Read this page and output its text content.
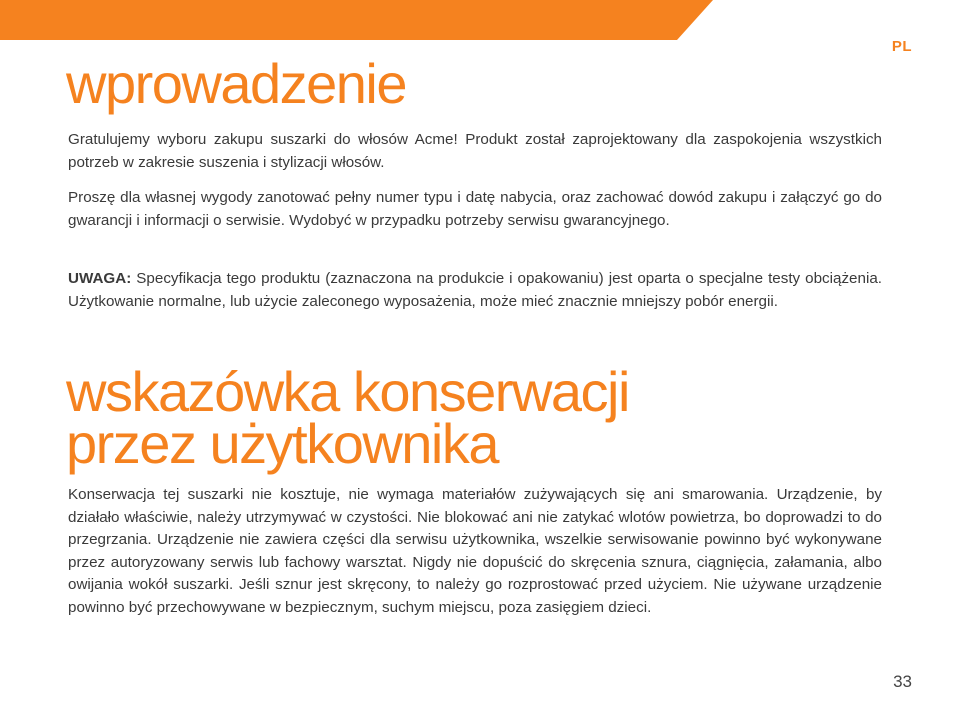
PL
wprowadzenie

Gratulujemy wyboru zakupu suszarki do włosów Acme! Produkt został zaprojektowany dla zaspokojenia wszystkich potrzeb w zakresie suszenia i stylizacji włosów.

Proszę dla własnej wygody zanotować pełny numer typu i datę nabycia, oraz zachować dowód zakupu i załączyć go do gwarancji i informacji o serwisie. Wydobyć w przypadku potrzeby serwisu gwarancyjnego.

UWAGA: Specyfikacja tego produktu (zaznaczona na produkcie i opakowaniu) jest oparta o specjalne testy obciążenia. Użytkowanie normalne, lub użycie zaleconego wyposażenia, może mieć znacznie mniejszy pobór energii.

wskazówka konserwacji
przez użytkownika

Konserwacja tej suszarki nie kosztuje, nie wymaga materiałów zużywających się ani smarowania. Urządzenie, by działało właściwie, należy utrzymywać w czystości. Nie blokować ani nie zatykać wlotów powietrza, bo doprowadzi to do przegrzania. Urządzenie nie zawiera części dla serwisu użytkownika, wszelkie serwisowanie powinno być wykonywane przez autoryzowany serwis lub fachowy warsztat. Nigdy nie dopuścić do skręcenia sznura, ciągnięcia, załamania, albo owijania wokół suszarki. Jeśli sznur jest skręcony, to należy go rozprostować przed użyciem. Nie używane urządzenie powinno być przechowywane w bezpiecznym, suchym miejscu, poza zasięgiem dzieci.

33
